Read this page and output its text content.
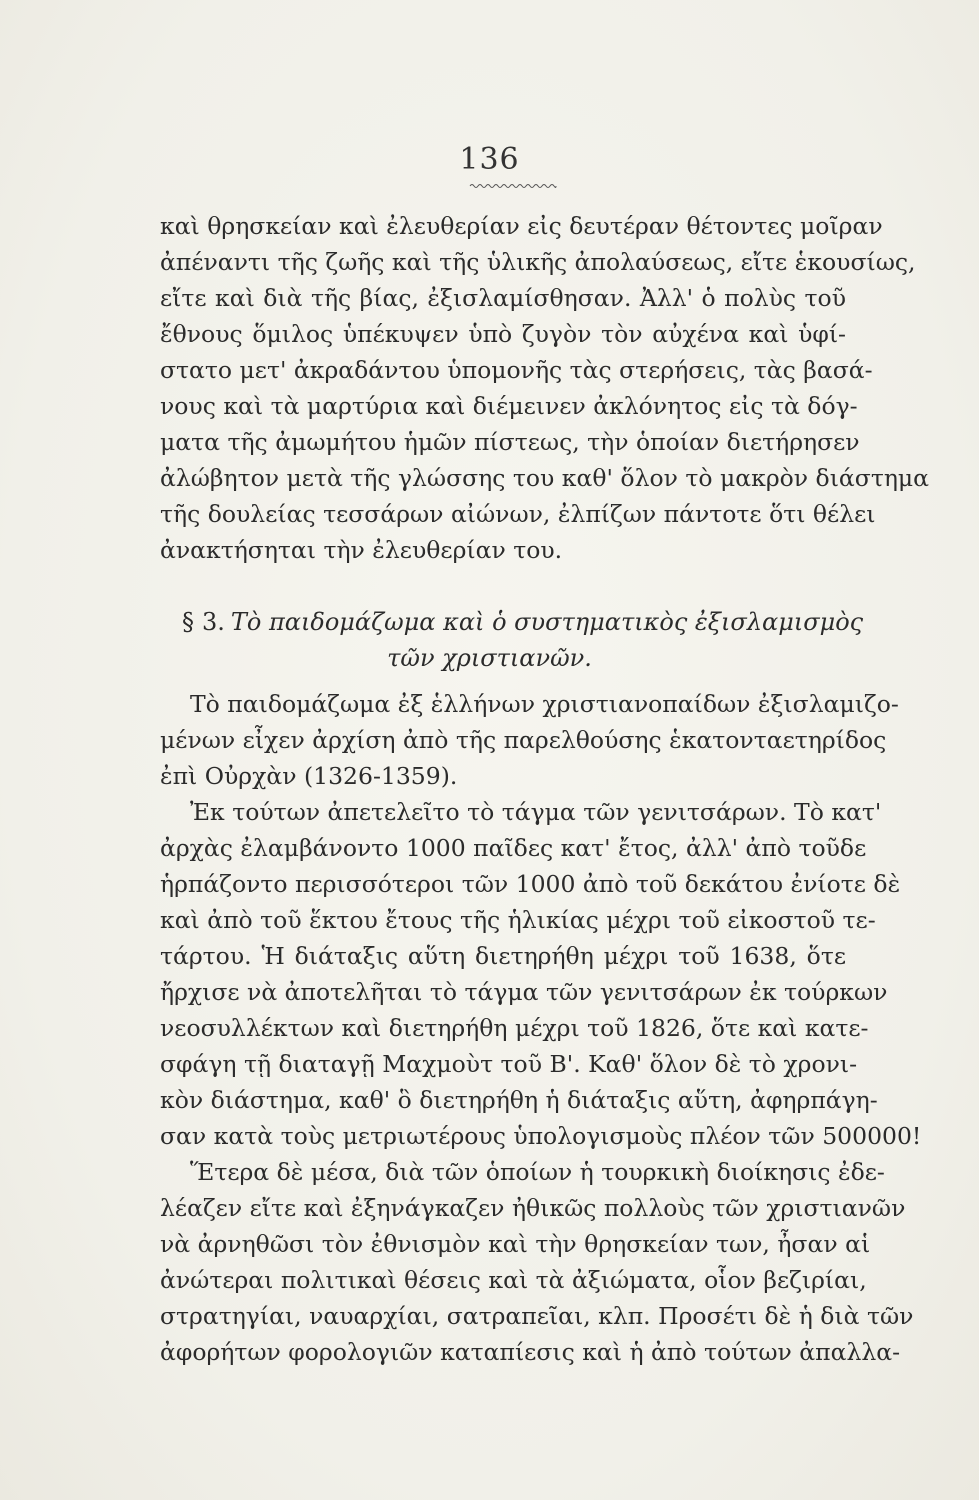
136
καὶ θρησκείαν καὶ ἐλευθερίαν εἰς δευτέραν θέτοντες μοῖραν
ἀπέναντι τῆς ζωῆς καὶ τῆς ὑλικῆς ἀπολαύσεως, εἴτε ἑκουσίως,
εἴτε καὶ διὰ τῆς βίας, ἐξισλαμίσθησαν. Ἀλλ' ὁ πολὺς τοῦ
ἔθνους ὅμιλος ὑπέκυψεν ὑπὸ ζυγὸν τὸν αὐχένα καὶ ὑφί-
στατο μετ' ἀκραδάντου ὑπομονῆς τὰς στερήσεις, τὰς βασά-
νους καὶ τὰ μαρτύρια καὶ διέμεινεν ἀκλόνητος εἰς τὰ δόγ-
ματα τῆς ἀμωμήτου ἡμῶν πίστεως, τὴν ὁποίαν διετήρησεν
ἀλώβητον μετὰ τῆς γλώσσης του καθ' ὅλον τὸ μακρὸν διάστημα
τῆς δουλείας τεσσάρων αἰώνων, ἐλπίζων πάντοτε ὅτι θέλει
ἀνακτήσηται τὴν ἐλευθερίαν του.
§ 3. Τὸ παιδομάζωμα καὶ ὁ συστηματικὸς ἐξισλαμισμὸς
τῶν χριστιανῶν.
Τὸ παιδομάζωμα ἐξ ἑλλήνων χριστιανοπαίδων ἐξισλαμιζο-
μένων εἶχεν ἀρχίση ἀπὸ τῆς παρελθούσης ἑκατονταετηρίδος
ἐπὶ Οὐρχὰν (1326-1359).
Ἐκ τούτων ἀπετελεῖτο τὸ τάγμα τῶν γενιτσάρων. Τὸ κατ'
ἀρχὰς ἐλαμβάνοντο 1000 παῖδες κατ' ἔτος, ἀλλ' ἀπὸ τοῦδε
ἡρπάζοντο περισσότεροι τῶν 1000 ἀπὸ τοῦ δεκάτου ἐνίοτε δὲ
καὶ ἀπὸ τοῦ ἕκτου ἔτους τῆς ἡλικίας μέχρι τοῦ εἰκοστοῦ τε-
τάρτου. Ἡ διάταξις αὕτη διετηρήθη μέχρι τοῦ 1638, ὅτε
ἤρχισε νὰ ἀποτελῆται τὸ τάγμα τῶν γενιτσάρων ἐκ τούρκων
νεοσυλλέκτων καὶ διετηρήθη μέχρι τοῦ 1826, ὅτε καὶ κατε-
σφάγη τῇ διαταγῇ Μαχμοὺτ τοῦ Β'. Καθ' ὅλον δὲ τὸ χρονι-
κὸν διάστημα, καθ' ὃ διετηρήθη ἡ διάταξις αὕτη, ἀφηρπάγη-
σαν κατὰ τοὺς μετριωτέρους ὑπολογισμοὺς πλέον τῶν 500000!
Ἕτερα δὲ μέσα, διὰ τῶν ὁποίων ἡ τουρκικὴ διοίκησις ἐδε-
λέαζεν εἴτε καὶ ἐξηνάγκαζεν ἠθικῶς πολλοὺς τῶν χριστιανῶν
νὰ ἀρνηθῶσι τὸν ἐθνισμὸν καὶ τὴν θρησκείαν των, ἦσαν αἱ
ἀνώτεραι πολιτικαὶ θέσεις καὶ τὰ ἀξιώματα, οἷον βεζιρίαι,
στρατηγίαι, ναυαρχίαι, σατραπεῖαι, κλπ. Προσέτι δὲ ἡ διὰ τῶν
ἀφορήτων φορολογιῶν καταπίεσις καὶ ἡ ἀπὸ τούτων ἀπαλλα-
